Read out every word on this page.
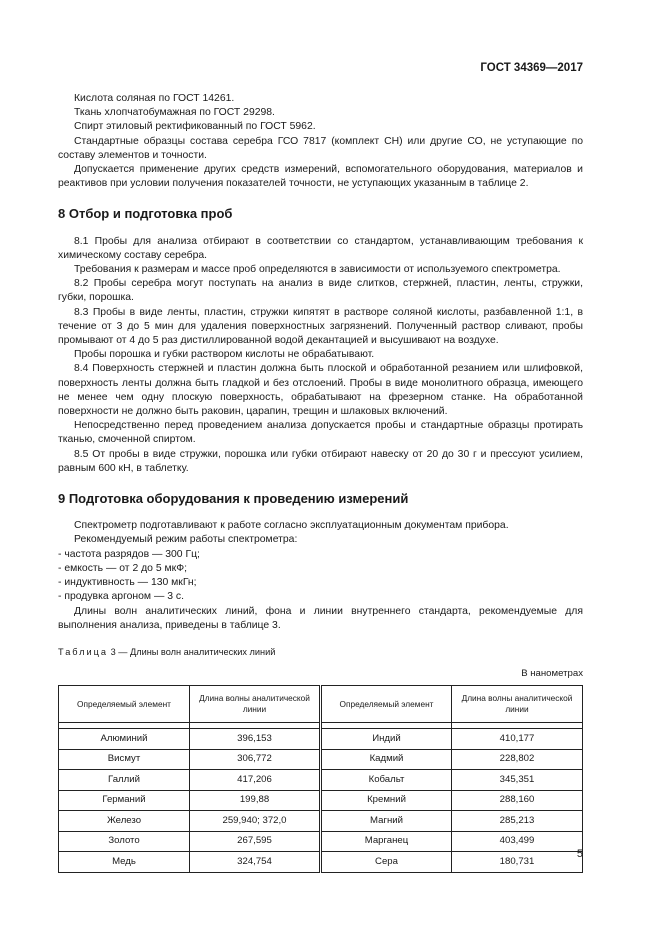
ГОСТ 34369—2017

Кислота соляная по ГОСТ 14261.

Ткань хлопчатобумажная по ГОСТ 29298.

Спирт этиловый ректификованный по ГОСТ 5962.

Стандартные образцы состава серебра ГСО 7817 (комплект СН) или другие СО, не уступающие по составу элементов и точности.

Допускается применение других средств измерений, вспомогательного оборудования, материалов и реактивов при условии получения показателей точности, не уступающих указанным в таблице 2.

8 Отбор и подготовка проб

8.1 Пробы для анализа отбирают в соответствии со стандартом, устанавливающим требования к химическому составу серебра.

Требования к размерам и массе проб определяются в зависимости от используемого спектрометра.

8.2 Пробы серебра могут поступать на анализ в виде слитков, стержней, пластин, ленты, стружки, губки, порошка.

8.3 Пробы в виде ленты, пластин, стружки кипятят в растворе соляной кислоты, разбавленной 1:1, в течение от 3 до 5 мин для удаления поверхностных загрязнений. Полученный раствор сливают, пробы промывают от 4 до 5 раз дистиллированной водой декантацией и высушивают на воздухе.

Пробы порошка и губки раствором кислоты не обрабатывают.

8.4 Поверхность стержней и пластин должна быть плоской и обработанной резанием или шлифовкой, поверхность ленты должна быть гладкой и без отслоений. Пробы в виде монолитного образца, имеющего не менее чем одну плоскую поверхность, обрабатывают на фрезерном станке. На обработанной поверхности не должно быть раковин, царапин, трещин и шлаковых включений.

Непосредственно перед проведением анализа допускается пробы и стандартные образцы протирать тканью, смоченной спиртом.

8.5 От пробы в виде стружки, порошка или губки отбирают навеску от 20 до 30 г и прессуют усилием, равным 600 кН, в таблетку.

9 Подготовка оборудования к проведению измерений

Спектрометр подготавливают к работе согласно эксплуатационным документам прибора.

Рекомендуемый режим работы спектрометра:

- частота разрядов — 300 Гц;

- емкость — от 2 до 5 мкФ;

- индуктивность — 130 мкГн;

- продувка аргоном — 3 с.

Длины волн аналитических линий, фона и линии внутреннего стандарта, рекомендуемые для выполнения анализа, приведены в таблице 3.

Таблица 3 — Длины волн аналитических линий
В нанометрах
Определяемый элемент	Длина волны аналитической линии	Определяемый элемент	Длина волны аналитической линии

Алюминий	396,153	Индий	410,177
Висмут	306,772	Кадмий	228,802
Галлий	417,206	Кобальт	345,351
Германий	199,88	Кремний	288,160
Железо	259,940; 372,0	Магний	285,213
Золото	267,595	Марганец	403,499
Медь	324,754	Сера	180,731
5
